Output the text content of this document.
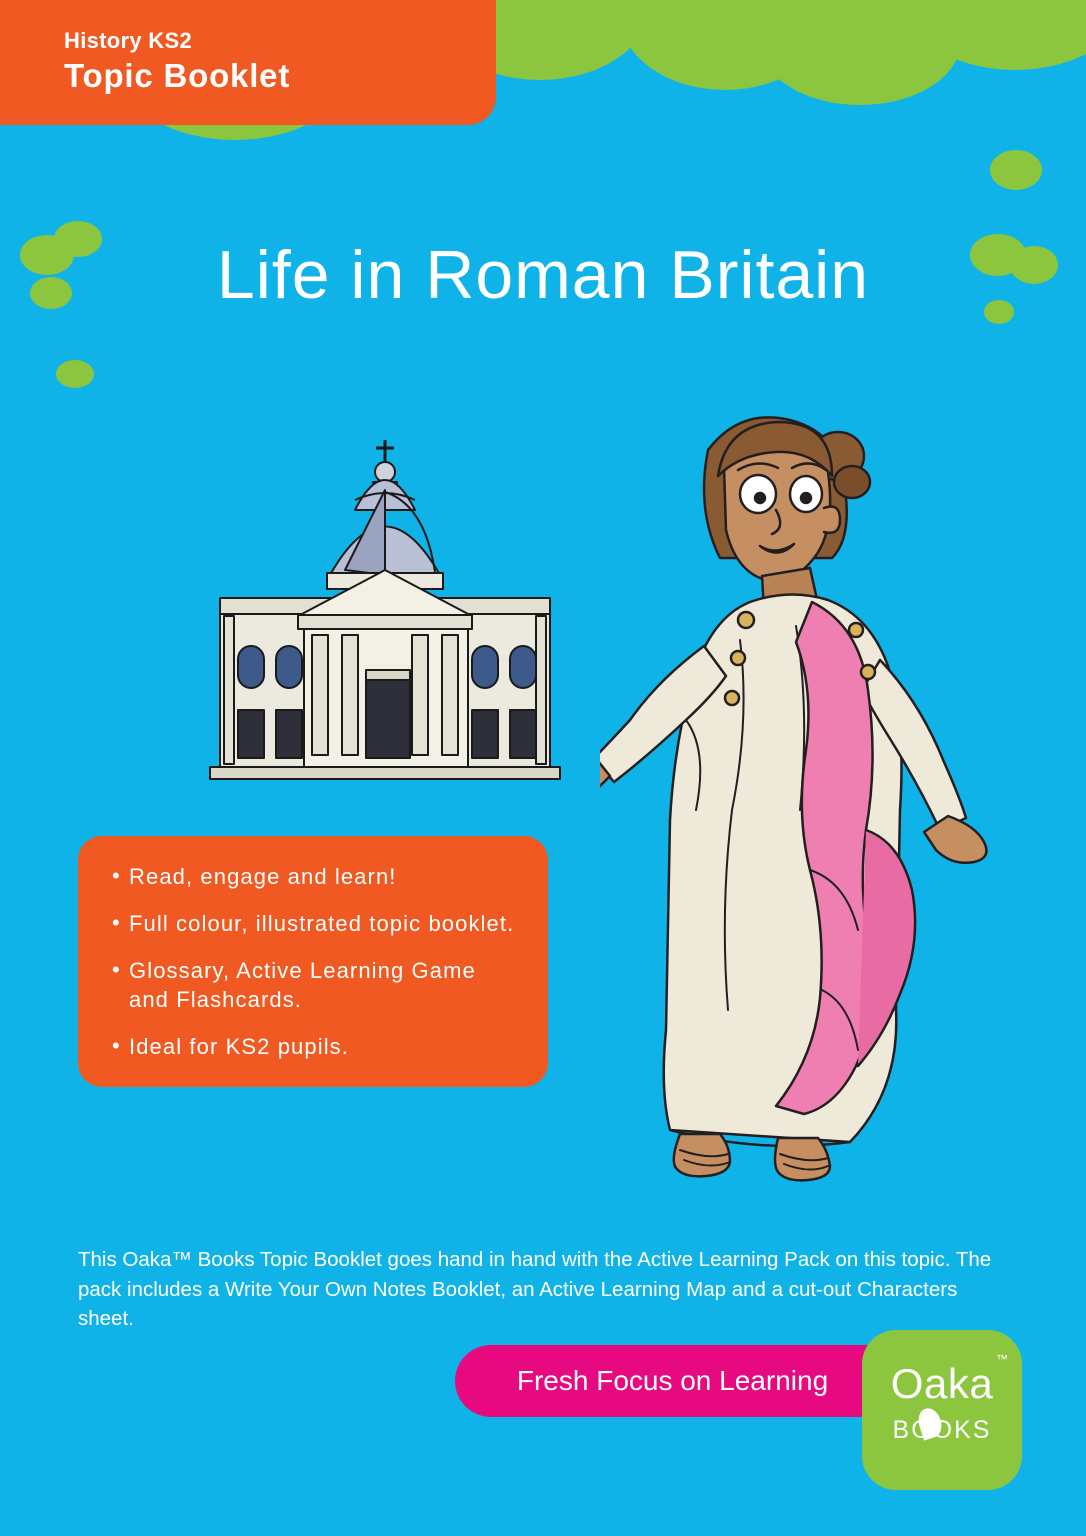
History KS2
Topic Booklet
Life in Roman Britain
• Read, engage and learn!
• Full colour, illustrated topic booklet.
• Glossary, Active Learning Game and Flashcards.
• Ideal for KS2 pupils.
This Oaka™ Books Topic Booklet goes hand in hand with the Active Learning Pack on this topic. The pack includes a Write Your Own Notes Booklet, an Active Learning Map and a cut-out Characters sheet.
Fresh Focus on Learning
™
Oaka
BOOKS
